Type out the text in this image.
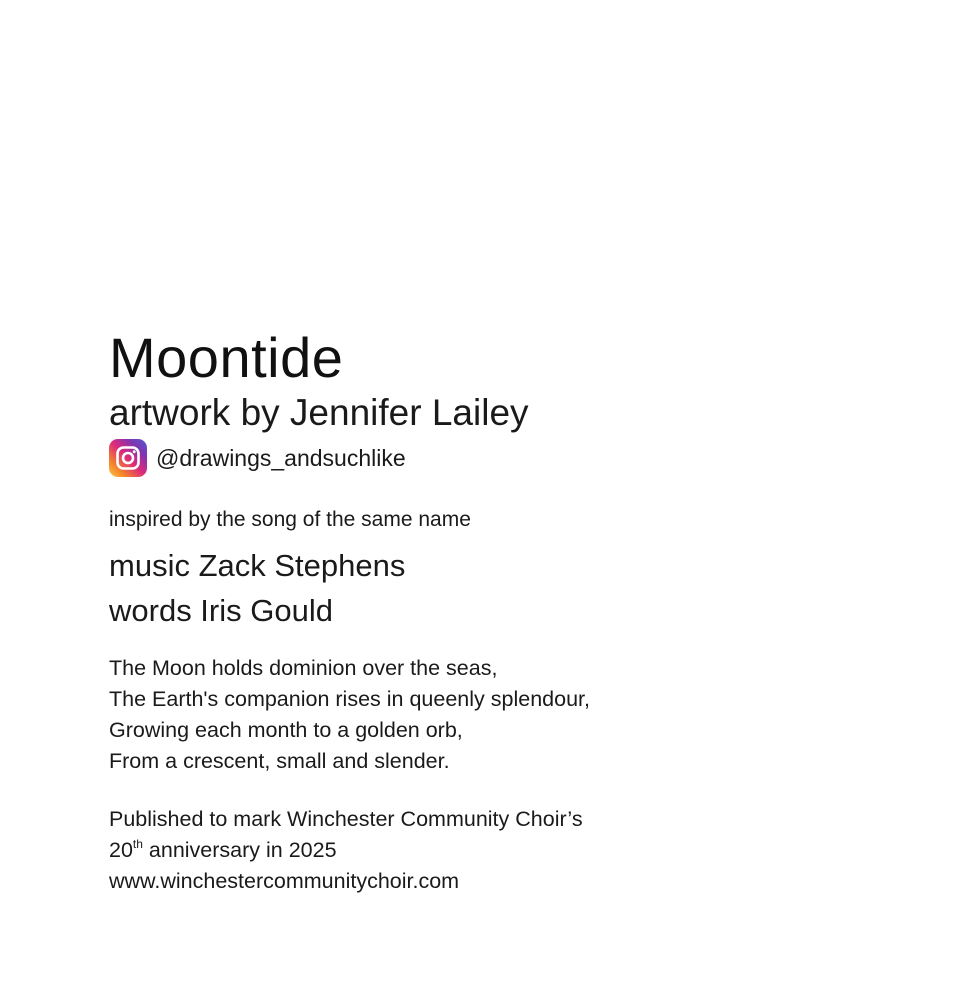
Moontide
artwork by Jennifer Lailey
@drawings_andsuchlike
inspired by the song of the same name
music Zack Stephens
words Iris Gould
The Moon holds dominion over the seas,
The Earth's companion rises in queenly splendour,
Growing each month to a golden orb,
From a crescent, small and slender.
Published to mark Winchester Community Choir’s
20th anniversary in 2025
www.winchestercommunitychoir.com
